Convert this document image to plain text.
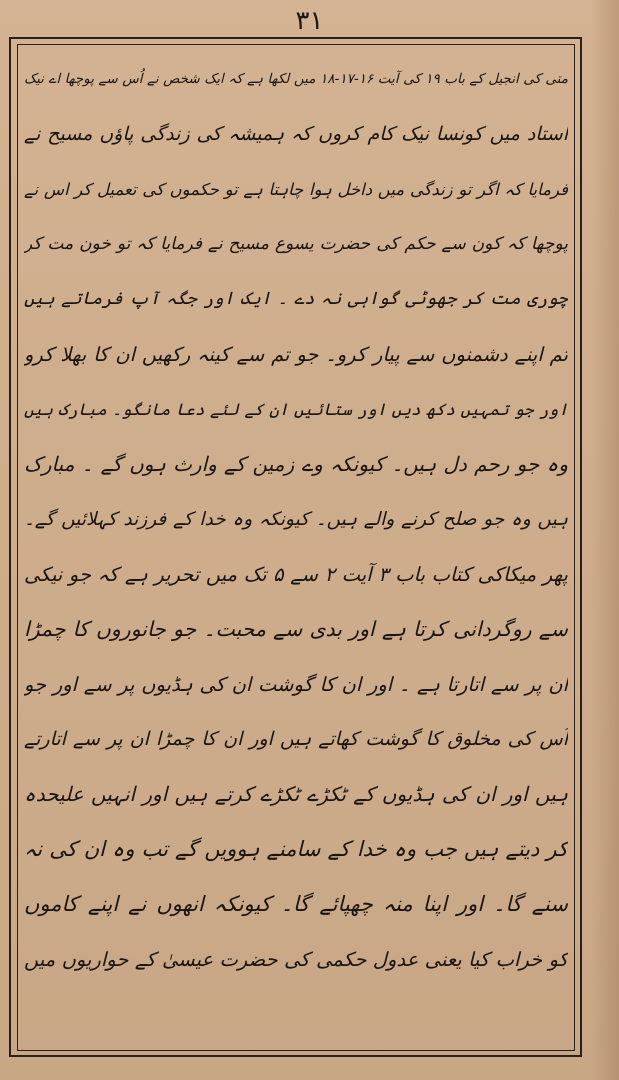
۳۱
متی کی انجیل کے باب ۱۹ کی آیت ۱۶-۱۷-۱۸ میں لکھا ہے کہ ایک شخص نے اُس سے پوچھا اے نیک
استاد میں کونسا نیک کام کروں کہ ہمیشہ کی زندگی پاؤں مسیح نے
فرمایا کہ اگر تو زندگی میں داخل ہوا چاہتا ہے تو حکموں کی تعمیل کر اس نے
پوچھا کہ کون سے حکم کی حضرت یسوع مسیح نے فرمایا کہ تو خون مت کر
چوری مت کر جھوٹی گواہی نہ دے ۔ ایک اور جگہ آپ فرماتے ہیں
تم اپنے دشمنوں سے پیار کرو۔ جو تم سے کینہ رکھیں ان کا بھلا کرو
اور جو تمہیں دکھ دیں اور ستائیں ان کے لئے دعا مانگو۔ مبارک ہیں
وہ جو رحم دل ہیں۔ کیونکہ وے زمین کے وارث ہوں گے ۔ مبارک
ہیں وہ جو صلح کرنے والے ہیں۔ کیونکہ وہ خدا کے فرزند کہلائیں گے۔
پھر میکاکی کتاب باب ۳ آیت ۲ سے ۵ تک میں تحریر ہے کہ جو نیکی
سے روگردانی کرتا ہے اور بدی سے محبت۔ جو جانوروں کا چمڑا
ان پر سے اتارتا ہے ۔ اور ان کا گوشت ان کی ہڈیوں پر سے اور جو
اُس کی مخلوق کا گوشت کھاتے ہیں اور ان کا چمڑا ان پر سے اتارتے
ہیں اور ان کی ہڈیوں کے ٹکڑے ٹکڑے کرتے ہیں اور انہیں علیحدہ
کر دیتے ہیں جب وہ خدا کے سامنے ہوویں گے تب وہ ان کی نہ
سنے گا۔ اور اپنا منہ چھپائے گا۔ کیونکہ انھوں نے اپنے کاموں
کو خراب کیا یعنی عدول حکمی کی حضرت عیسیٰ کے حواریوں میں
